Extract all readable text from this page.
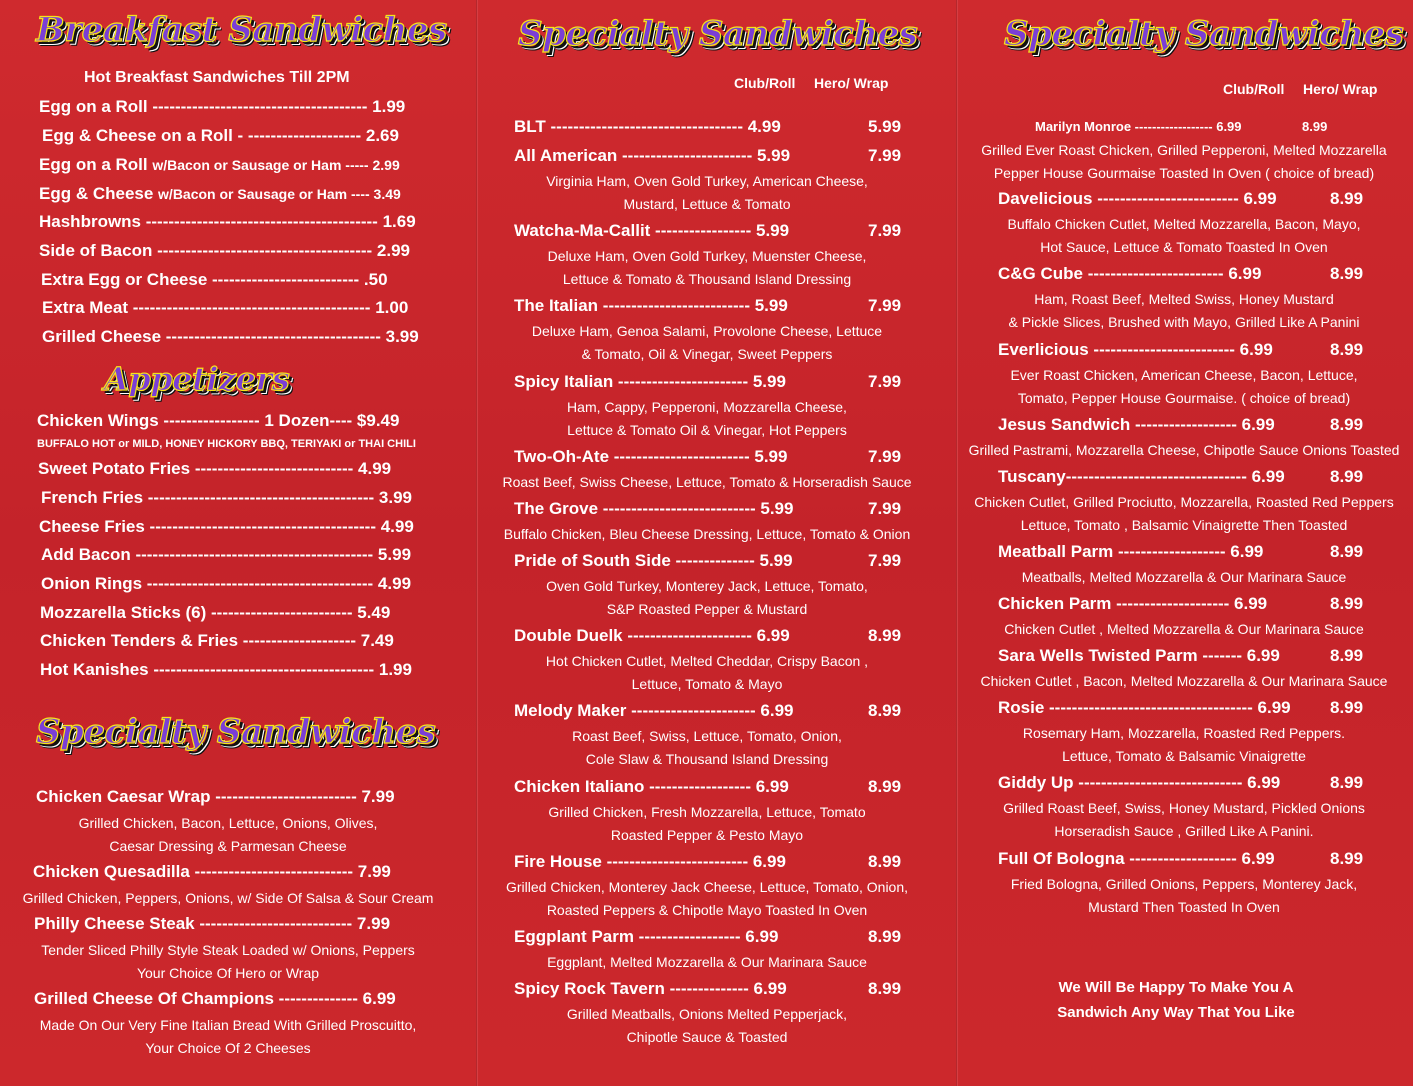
Breakfast Sandwiches
Hot Breakfast Sandwiches Till 2PM
Egg on a Roll -------------------------------------- 1.99
Egg & Cheese on a Roll - -------------------- 2.69
Egg on a Roll w/Bacon or Sausage or Ham ----- 2.99
Egg & Cheese w/Bacon or Sausage or Ham ---- 3.49
Hashbrowns ----------------------------------------- 1.69
Side of Bacon -------------------------------------- 2.99
Extra Egg or Cheese -------------------------- .50
Extra Meat ------------------------------------------ 1.00
Grilled Cheese -------------------------------------- 3.99
Appetizers
Chicken Wings ----------------- 1 Dozen---- $9.49
BUFFALO HOT or MILD, HONEY HICKORY BBQ, TERIYAKI or THAI CHILI
Sweet Potato Fries ---------------------------- 4.99
French Fries ---------------------------------------- 3.99
Cheese Fries ---------------------------------------- 4.99
Add Bacon ------------------------------------------ 5.99
Onion Rings ---------------------------------------- 4.99
Mozzarella Sticks (6) ------------------------- 5.49
Chicken Tenders & Fries -------------------- 7.49
Hot Kanishes --------------------------------------- 1.99
Specialty Sandwiches
Chicken Caesar Wrap ------------------------- 7.99
Grilled Chicken, Bacon, Lettuce, Onions, Olives,
Caesar Dressing & Parmesan Cheese
Chicken Quesadilla ---------------------------- 7.99
Grilled Chicken, Peppers, Onions, w/ Side Of Salsa & Sour Cream
Philly Cheese Steak --------------------------- 7.99
Tender Sliced Philly Style Steak Loaded w/ Onions, Peppers
Your Choice Of Hero or Wrap
Grilled Cheese Of Champions -------------- 6.99
Made On Our Very Fine Italian Bread With Grilled Proscuitto,
Your Choice Of 2 Cheeses
Specialty Sandwiches
Club/Roll Hero/ Wrap
BLT ---------------------------------- 4.99	5.99
All American ----------------------- 5.99	7.99
Virginia Ham, Oven Gold Turkey, American Cheese,
Mustard, Lettuce & Tomato
Watcha-Ma-Callit ----------------- 5.99	7.99
Deluxe Ham, Oven Gold Turkey, Muenster Cheese,
Lettuce & Tomato & Thousand Island Dressing
The Italian -------------------------- 5.99	7.99
Deluxe Ham, Genoa Salami, Provolone Cheese, Lettuce
& Tomato, Oil & Vinegar, Sweet Peppers
Spicy Italian ----------------------- 5.99	7.99
Ham, Cappy, Pepperoni, Mozzarella Cheese,
Lettuce & Tomato Oil & Vinegar, Hot Peppers
Two-Oh-Ate ------------------------ 5.99	7.99
Roast Beef, Swiss Cheese, Lettuce, Tomato & Horseradish Sauce
The Grove --------------------------- 5.99	7.99
Buffalo Chicken, Bleu Cheese Dressing, Lettuce, Tomato & Onion
Pride of South Side -------------- 5.99	7.99
Oven Gold Turkey, Monterey Jack, Lettuce, Tomato,
S&P Roasted Pepper & Mustard
Double Duelk ---------------------- 6.99	8.99
Hot Chicken Cutlet, Melted Cheddar, Crispy Bacon ,
Lettuce, Tomato & Mayo
Melody Maker ---------------------- 6.99	8.99
Roast Beef, Swiss, Lettuce, Tomato, Onion,
Cole Slaw & Thousand Island Dressing
Chicken Italiano ------------------ 6.99	8.99
Grilled Chicken, Fresh Mozzarella, Lettuce, Tomato
Roasted Pepper & Pesto Mayo
Fire House ------------------------- 6.99	8.99
Grilled Chicken, Monterey Jack Cheese, Lettuce, Tomato, Onion,
Roasted Peppers & Chipotle Mayo Toasted In Oven
Eggplant Parm ------------------ 6.99	8.99
Eggplant, Melted Mozzarella & Our Marinara Sauce
Spicy Rock Tavern -------------- 6.99	8.99
Grilled Meatballs, Onions Melted Pepperjack,
Chipotle Sauce & Toasted
Specialty Sandwiches
Club/Roll Hero/ Wrap
Marilyn Monroe ------------------ 6.99	8.99
Grilled Ever Roast Chicken, Grilled Pepperoni, Melted Mozzarella
Pepper House Gourmaise Toasted In Oven ( choice of bread)
Davelicious ------------------------- 6.99	8.99
Buffalo Chicken Cutlet, Melted Mozzarella, Bacon, Mayo,
Hot Sauce, Lettuce & Tomato Toasted In Oven
C&G Cube ------------------------ 6.99	8.99
Ham, Roast Beef, Melted Swiss, Honey Mustard
& Pickle Slices, Brushed with Mayo, Grilled Like A Panini
Everlicious ------------------------- 6.99	8.99
Ever Roast Chicken, American Cheese, Bacon, Lettuce,
Tomato, Pepper House Gourmaise. ( choice of bread)
Jesus Sandwich ------------------ 6.99	8.99
Grilled Pastrami, Mozzarella Cheese, Chipotle Sauce Onions Toasted
Tuscany-------------------------------- 6.99	8.99
Chicken Cutlet, Grilled Prociutto, Mozzarella, Roasted Red Peppers
Lettuce, Tomato , Balsamic Vinaigrette Then Toasted
Meatball Parm ------------------- 6.99	8.99
Meatballs, Melted Mozzarella & Our Marinara Sauce
Chicken Parm -------------------- 6.99	8.99
Chicken Cutlet , Melted Mozzarella & Our Marinara Sauce
Sara Wells Twisted Parm ------- 6.99	8.99
Chicken Cutlet , Bacon, Melted Mozzarella & Our Marinara Sauce
Rosie ------------------------------------ 6.99 8.99
Rosemary Ham, Mozzarella, Roasted Red Peppers.
Lettuce, Tomato & Balsamic Vinaigrette
Giddy Up ----------------------------- 6.99	8.99
Grilled Roast Beef, Swiss, Honey Mustard, Pickled Onions
Horseradish Sauce , Grilled Like A Panini.
Full Of Bologna ------------------- 6.99	8.99
Fried Bologna, Grilled Onions, Peppers, Monterey Jack,
Mustard Then Toasted In Oven
We Will Be Happy To Make You A
Sandwich Any Way That You Like
